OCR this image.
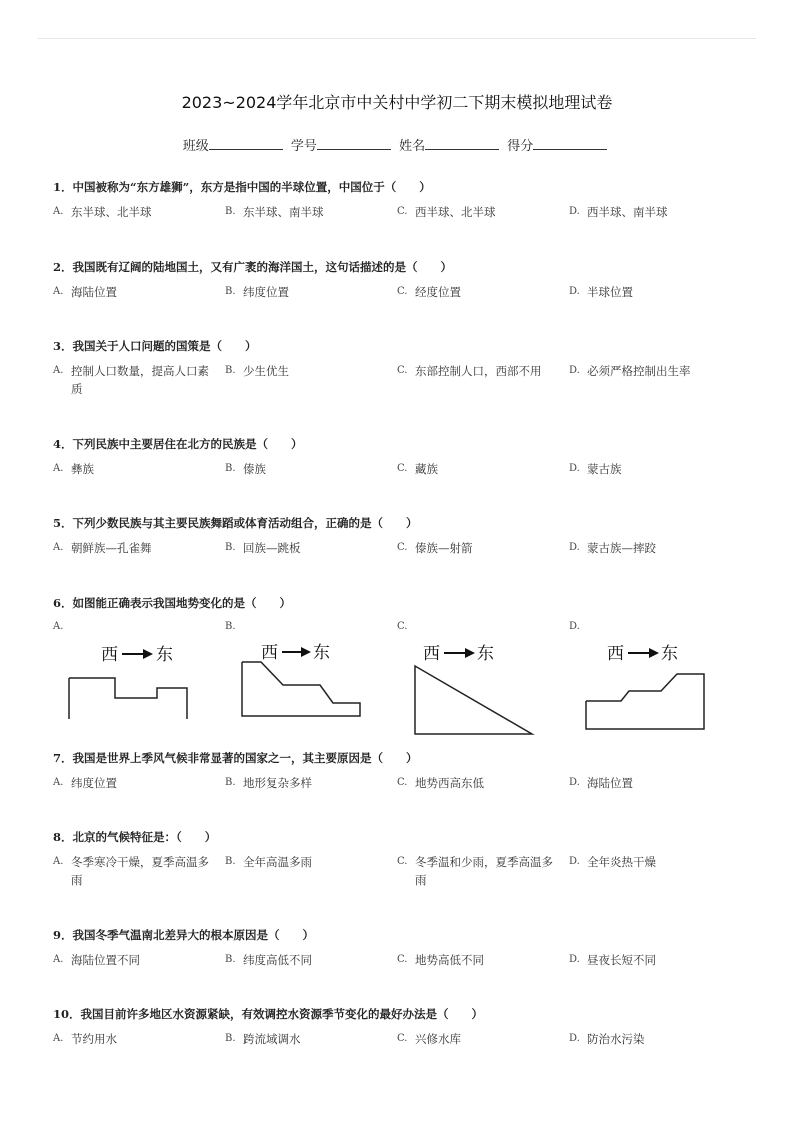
2023~2024学年北京市中关村中学初二下期末模拟地理试卷
班级	学号	姓名	得分
1．中国被称为“东方雄狮”，东方是指中国的半球位置，中国位于（　　）
A. 东半球、北半球	B. 东半球、南半球	C. 西半球、北半球	D. 西半球、南半球
2．我国既有辽阔的陆地国土，又有广袤的海洋国土，这句话描述的是（　　）
A. 海陆位置	B. 纬度位置	C. 经度位置	D. 半球位置
3．我国关于人口问题的国策是（　　）
A. 控制人口数量，提高人口素质
B. 少生优生	C. 东部控制人口，西部不用	D. 必须严格控制出生率
4．下列民族中主要居住在北方的民族是（　　）
A. 彝族	B. 傣族	C. 藏族	D. 蒙古族
5．下列少数民族与其主要民族舞蹈或体育活动组合，正确的是（　　）
A. 朝鲜族—孔雀舞	B. 回族—跳板	C. 傣族—射箭	D. 蒙古族—摔跤
6．如图能正确表示我国地势变化的是（　　）
A.
西 东
B.
西 东
C.
西 东
D.
西 东
7．我国是世界上季风气候非常显著的国家之一，其主要原因是（　　）
A. 纬度位置	B. 地形复杂多样	C. 地势西高东低	D. 海陆位置
8．北京的气候特征是：（　　）
A. 冬季寒冷干燥，夏季高温多雨
B. 全年高温多雨	C. 冬季温和少雨，夏季高温多雨
D. 全年炎热干燥
9．我国冬季气温南北差异大的根本原因是（　　）
A. 海陆位置不同	B. 纬度高低不同	C. 地势高低不同	D. 昼夜长短不同
10．我国目前许多地区水资源紧缺，有效调控水资源季节变化的最好办法是（　　）
A. 节约用水	B. 跨流域调水	C. 兴修水库	D. 防治水污染
